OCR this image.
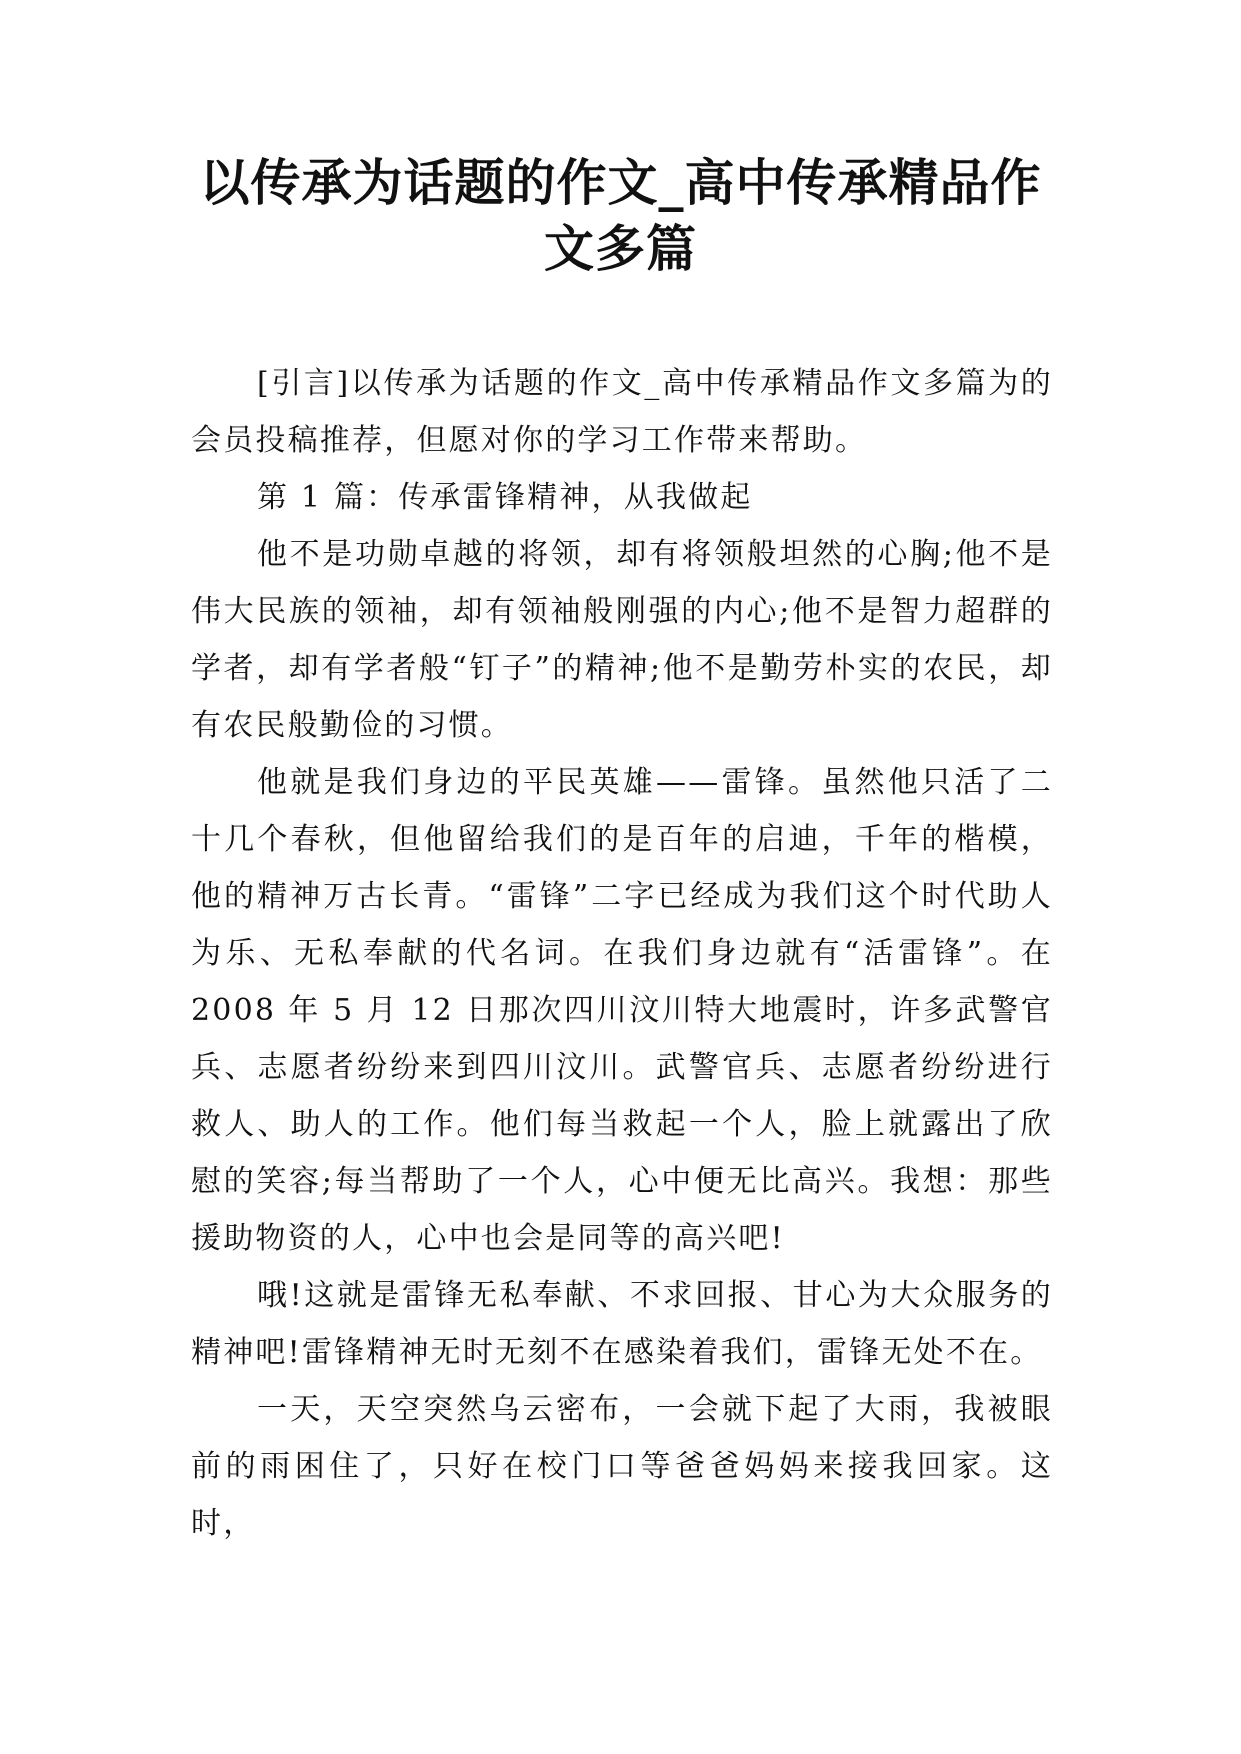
以传承为话题的作文_高中传承精品作文多篇

[引言]以传承为话题的作文_高中传承精品作文多篇为的会员投稿推荐，但愿对你的学习工作带来帮助。

第 1 篇：传承雷锋精神，从我做起

他不是功勋卓越的将领，却有将领般坦然的心胸;他不是伟大民族的领袖，却有领袖般刚强的内心;他不是智力超群的学者，却有学者般“钉子”的精神;他不是勤劳朴实的农民，却有农民般勤俭的习惯。

他就是我们身边的平民英雄——雷锋。虽然他只活了二十几个春秋，但他留给我们的是百年的启迪，千年的楷模，他的精神万古长青。“雷锋”二字已经成为我们这个时代助人为乐、无私奉献的代名词。在我们身边就有“活雷锋”。在 2008 年 5 月 12 日那次四川汶川特大地震时，许多武警官兵、志愿者纷纷来到四川汶川。武警官兵、志愿者纷纷进行救人、助人的工作。他们每当救起一个人，脸上就露出了欣慰的笑容;每当帮助了一个人，心中便无比高兴。我想：那些援助物资的人，心中也会是同等的高兴吧!

哦!这就是雷锋无私奉献、不求回报、甘心为大众服务的精神吧!雷锋精神无时无刻不在感染着我们，雷锋无处不在。

一天，天空突然乌云密布，一会就下起了大雨，我被眼前的雨困住了，只好在校门口等爸爸妈妈来接我回家。这时，
